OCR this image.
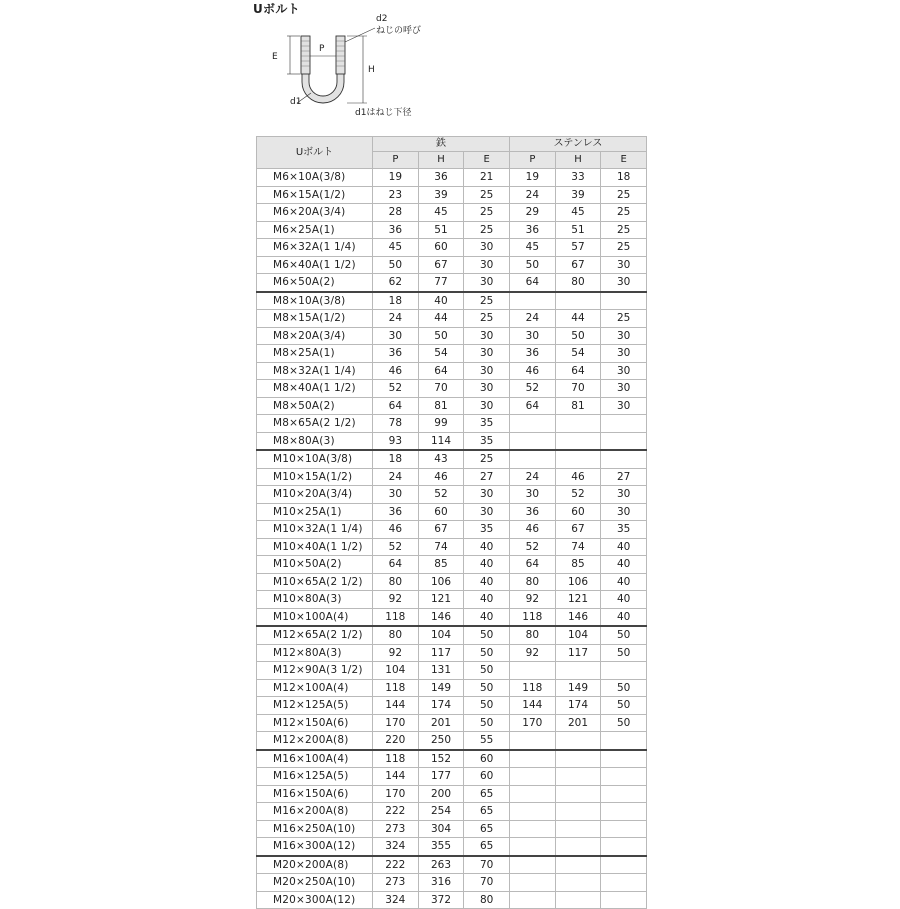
Uボルト
E
P
H
d2
ねじの呼び
d1
d1はねじ下径
Uボルト	鉄			ステンレス		
	P	H	E	P	H	E
M6×10A(3/8)	19	36	21	19	33	18
M6×15A(1/2)	23	39	25	24	39	25
M6×20A(3/4)	28	45	25	29	45	25
M6×25A(1)	36	51	25	36	51	25
M6×32A(1 1/4)	45	60	30	45	57	25
M6×40A(1 1/2)	50	67	30	50	67	30
M6×50A(2)	62	77	30	64	80	30
M8×10A(3/8)	18	40	25			
M8×15A(1/2)	24	44	25	24	44	25
M8×20A(3/4)	30	50	30	30	50	30
M8×25A(1)	36	54	30	36	54	30
M8×32A(1 1/4)	46	64	30	46	64	30
M8×40A(1 1/2)	52	70	30	52	70	30
M8×50A(2)	64	81	30	64	81	30
M8×65A(2 1/2)	78	99	35			
M8×80A(3)	93	114	35			
M10×10A(3/8)	18	43	25			
M10×15A(1/2)	24	46	27	24	46	27
M10×20A(3/4)	30	52	30	30	52	30
M10×25A(1)	36	60	30	36	60	30
M10×32A(1 1/4)	46	67	35	46	67	35
M10×40A(1 1/2)	52	74	40	52	74	40
M10×50A(2)	64	85	40	64	85	40
M10×65A(2 1/2)	80	106	40	80	106	40
M10×80A(3)	92	121	40	92	121	40
M10×100A(4)	118	146	40	118	146	40
M12×65A(2 1/2)	80	104	50	80	104	50
M12×80A(3)	92	117	50	92	117	50
M12×90A(3 1/2)	104	131	50			
M12×100A(4)	118	149	50	118	149	50
M12×125A(5)	144	174	50	144	174	50
M12×150A(6)	170	201	50	170	201	50
M12×200A(8)	220	250	55			
M16×100A(4)	118	152	60			
M16×125A(5)	144	177	60			
M16×150A(6)	170	200	65			
M16×200A(8)	222	254	65			
M16×250A(10)	273	304	65			
M16×300A(12)	324	355	65			
M20×200A(8)	222	263	70			
M20×250A(10)	273	316	70			
M20×300A(12)	324	372	80			
